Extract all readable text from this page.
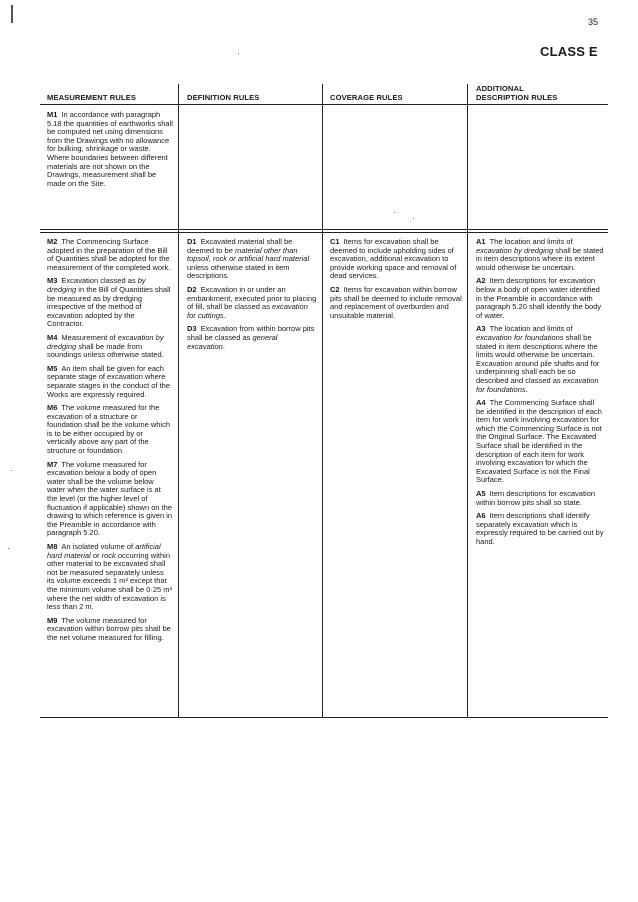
35
CLASS E
MEASUREMENT RULES	DEFINITION RULES	COVERAGE RULES
ADDITIONAL
DESCRIPTION RULES
M1 In accordance with paragraph 5.18 the quantities of earthworks shall be computed net using dimensions from the Drawings with no allowance for bulking, shrinkage or waste. Where boundaries between different materials are not shown on the Drawings, measurement shall be made on the Site.
M2 The Commencing Surface adopted in the preparation of the Bill of Quantities shall be adopted for the measurement of the completed work.
M3 Excavation classed as by dredging in the Bill of Quantities shall be measured as by dredging irrespective of the method of excavation adopted by the Contractor.
M4 Measurement of excavation by dredging shall be made from soundings unless otherwise stated.
M5 An item shall be given for each separate stage of excavation where separate stages in the conduct of the Works are expressly required.
M6 The volume measured for the excavation of a structure or foundation shall be the volume which is to be either occupied by or vertically above any part of the structure or foundation.
M7 The volume measured for excavation below a body of open water shall be the volume below water when the water surface is at the level (or the higher level of fluctuation if applicable) shown on the drawing to which reference is given in the Preamble in accordance with paragraph 5.20.
M8 An isolated volume of artificial hard material or rock occurring within other material to be excavated shall not be measured separately unless its volume exceeds 1 m³ except that the minimum volume shall be 0·25 m³ where the net width of excavation is less than 2 m.
M9 The volume measured for excavation within borrow pits shall be the net volume measured for filling.
D1 Excavated material shall be deemed to be material other than topsoil, rock or artificial hard material unless otherwise stated in item descriptions.
D2 Excavation in or under an embankment, executed prior to placing of fill, shall be classed as excavation for cuttings.
D3 Excavation from within borrow pits shall be classed as general excavation.
C1 Items for excavation shall be deemed to include upholding sides of excavation, additional excavation to provide working space and removal of dead services.
C2 Items for excavation within borrow pits shall be deemed to include removal and replacement of overburden and unsuitable material.
A1 The location and limits of excavation by dredging shall be stated in item descriptions where its extent would otherwise be uncertain.
A2 Item descriptions for excavation below a body of open water identified in the Preamble in accordance with paragraph 5.20 shall identify the body of water.
A3 The location and limits of excavation for foundations shall be stated in item descriptions where the limits would otherwise be uncertain. Excavation around pile shafts and for underpinning shall each be so described and classed as excavation for foundations.
A4 The Commencing Surface shall be identified in the description of each item for work involving excavation for which the Commencing Surface is not the Original Surface. The Excavated Surface shall be identified in the description of each item for work involving excavation for which the Excavated Surface is not the Final Surface.
A5 Item descriptions for excavation within borrow pits shall so state.
A6 Item descriptions shall identify separately excavation which is expressly required to be carried out by hand.
